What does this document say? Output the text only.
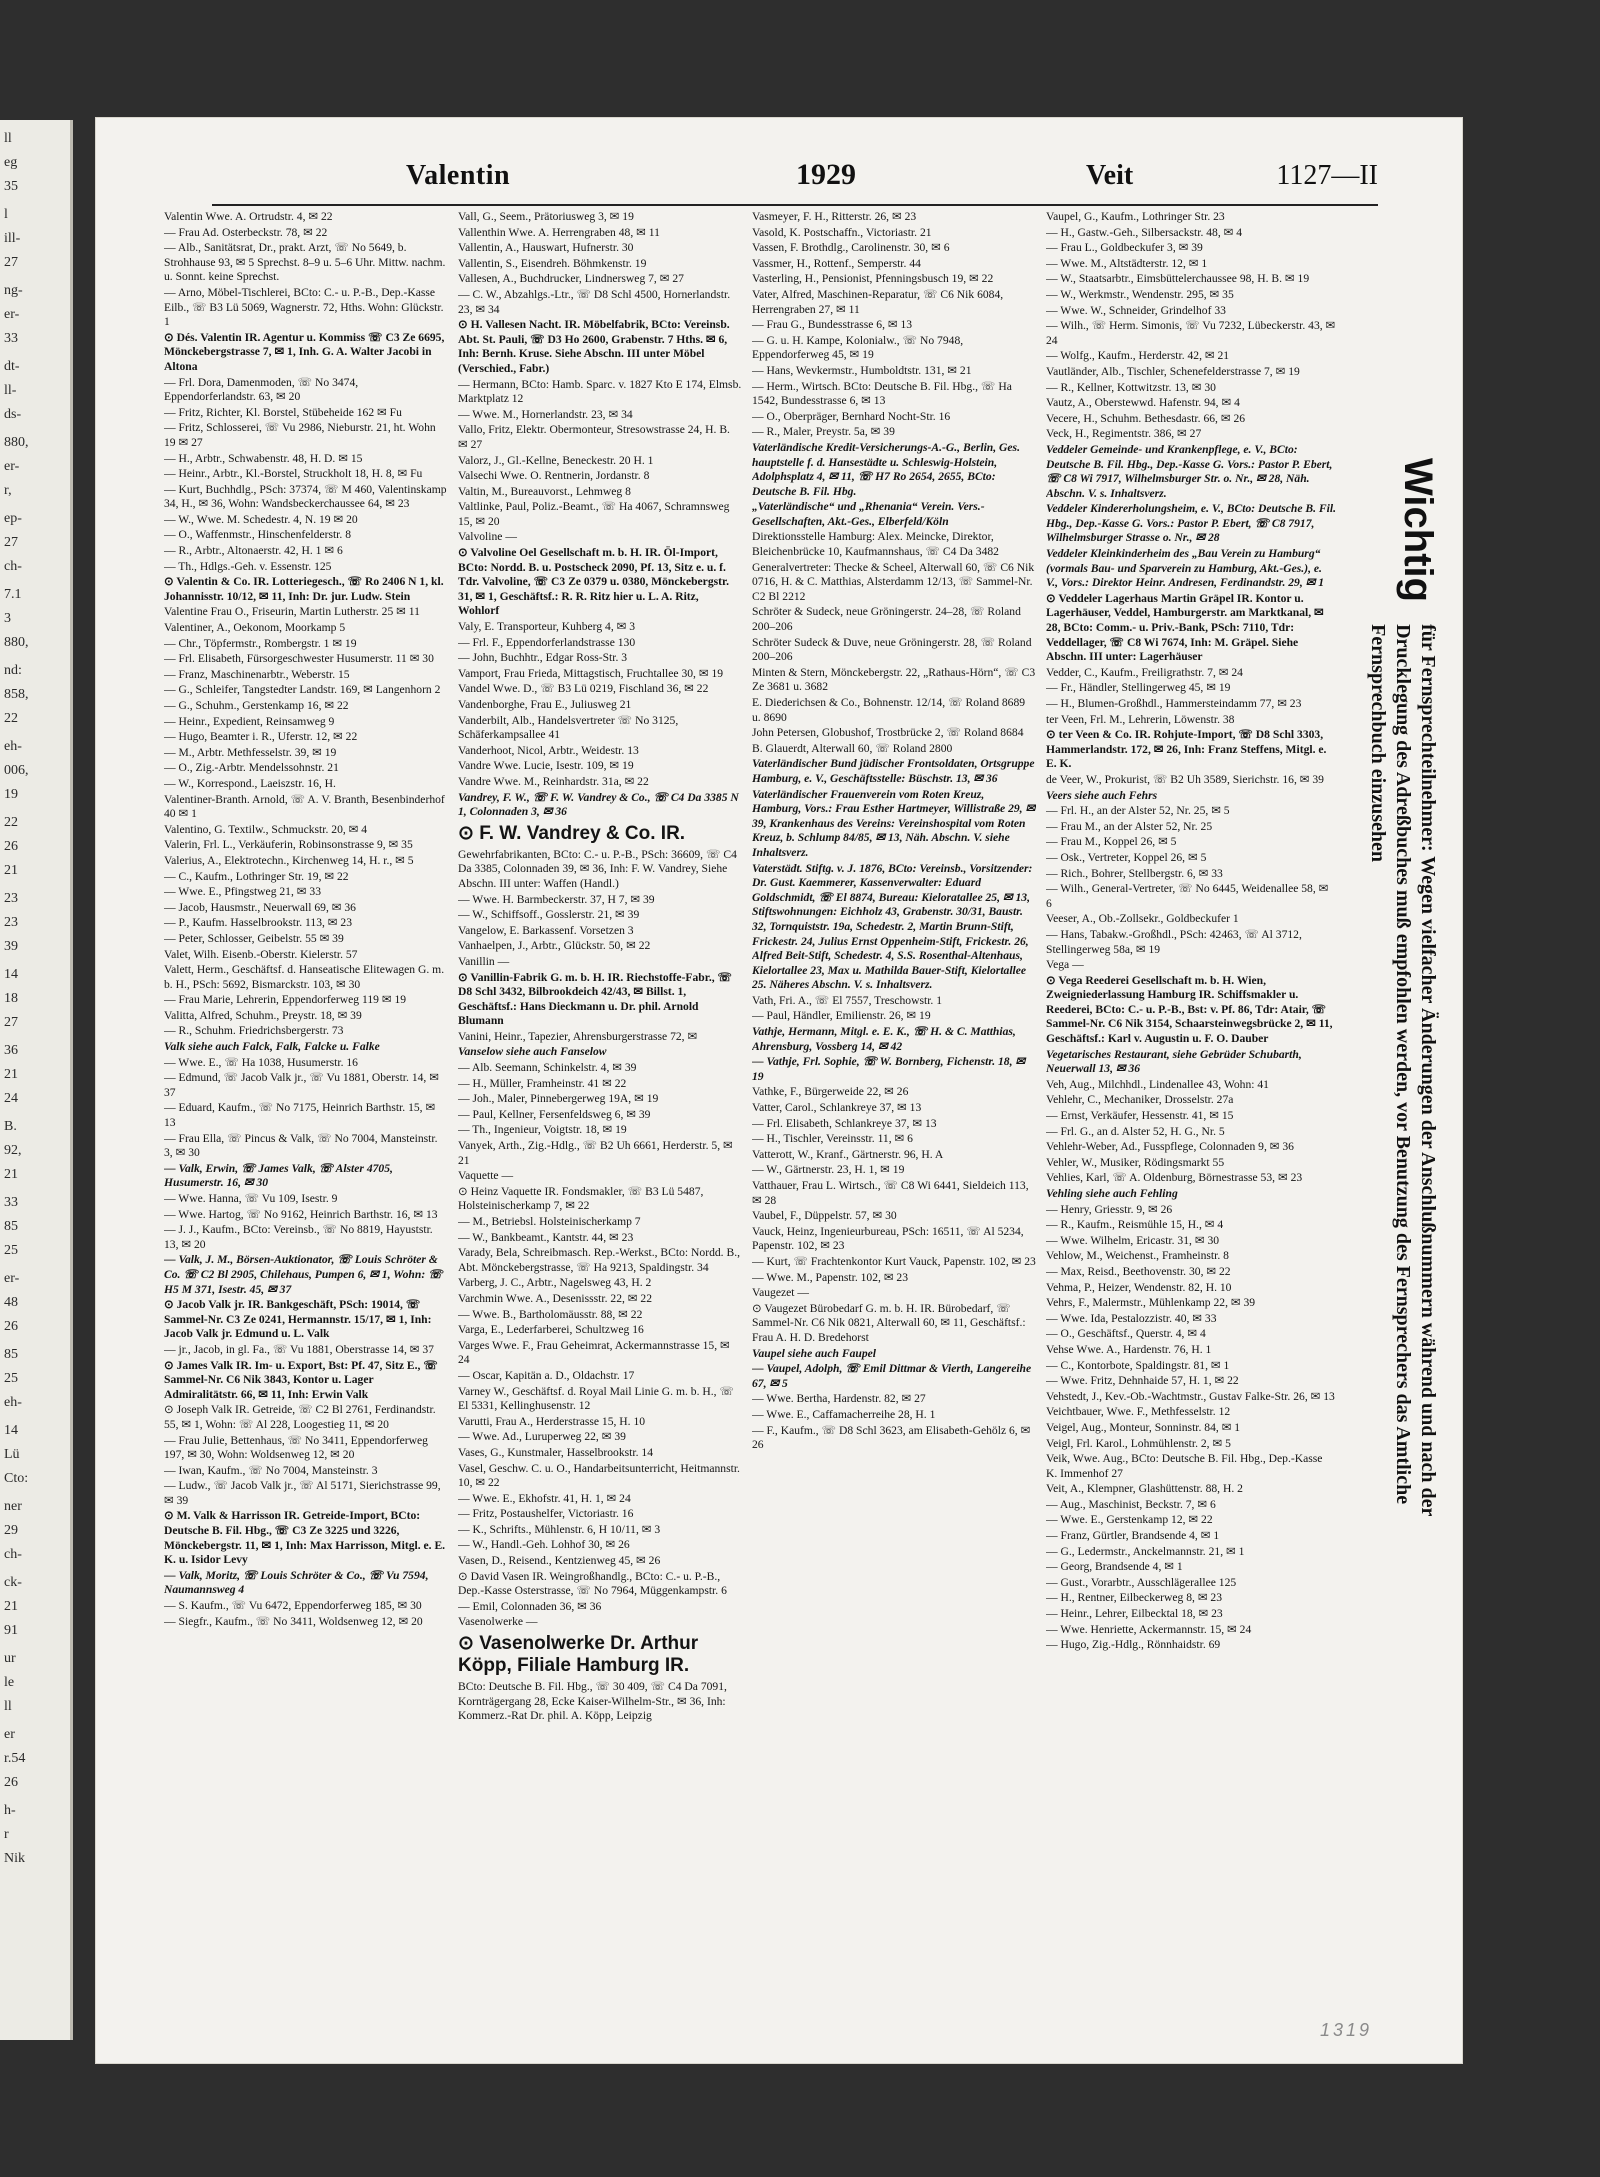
ll
eg
35
l
ill-
27
ng-
er-
33
dt-
ll-
ds-
880,
er-
r,
ep-
27
ch-
7.1
3
880,
nd:
858,
22
eh-
006,
19
22
26
21
23
23
39
14
18
27
36
21
24
B.
92,
21
33
85
25
er-
48
26
85
25
eh-
14
Lü
Cto:
ner
29
ch-
ck-
21
91
ur
le
ll
er
r.54
26
h-
r
Nik
Valentin	1929	Veit	1127—II
Valentin Wwe. A. Ortrudstr. 4, ✉ 22
— Frau Ad. Osterbeckstr. 78, ✉ 22
— Alb., Sanitätsrat, Dr., prakt. Arzt, ☏ No 5649, b. Strohhause 93, ✉ 5 Sprechst. 8–9 u. 5–6 Uhr. Mittw. nachm. u. Sonnt. keine Sprechst.
— Arno, Möbel-Tischlerei, BCto: C.- u. P.-B., Dep.-Kasse Eilb., ☏ B3 Lü 5069, Wagnerstr. 72, Hths. Wohn: Glückstr. 1
⊙ Dés. Valentin IR. Agentur u. Kommiss ☏ C3 Ze 6695, Mönckebergstrasse 7, ✉ 1, Inh. G. A. Walter Jacobi in Altona
— Frl. Dora, Damenmoden, ☏ No 3474, Eppendorferlandstr. 63, ✉ 20
— Fritz, Richter, Kl. Borstel, Stübeheide 162 ✉ Fu
— Fritz, Schlosserei, ☏ Vu 2986, Nieburstr. 21, ht. Wohn 19 ✉ 27
— H., Arbtr., Schwabenstr. 48, H. D. ✉ 15
— Heinr., Arbtr., Kl.-Borstel, Struckholt 18, H. 8, ✉ Fu
— Kurt, Buchhdlg., PSch: 37374, ☏ M 460, Valentinskamp 34, H., ✉ 36, Wohn: Wandsbeckerchaussee 64, ✉ 23
— W., Wwe. M. Schedestr. 4, N. 19 ✉ 20
— O., Waffenmstr., Hinschenfelderstr. 8
— R., Arbtr., Altonaerstr. 42, H. 1 ✉ 6
— Th., Hdlgs.-Geh. v. Essenstr. 125
⊙ Valentin & Co. IR. Lotteriegesch., ☏ Ro 2406 N 1, kl. Johannisstr. 10/12, ✉ 11, Inh: Dr. jur. Ludw. Stein
Valentine Frau O., Friseurin, Martin Lutherstr. 25 ✉ 11
Valentiner, A., Oekonom, Moorkamp 5
— Chr., Töpfermstr., Rombergstr. 1 ✉ 19
— Frl. Elisabeth, Fürsorgeschwester Husumerstr. 11 ✉ 30
— Franz, Maschinenarbtr., Weberstr. 15
— G., Schleifer, Tangstedter Landstr. 169, ✉ Langenhorn 2
— G., Schuhm., Gerstenkamp 16, ✉ 22
— Heinr., Expedient, Reinsamweg 9
— Hugo, Beamter i. R., Uferstr. 12, ✉ 22
— M., Arbtr. Methfesselstr. 39, ✉ 19
— O., Zig.-Arbtr. Mendelssohnstr. 21
— W., Korrespond., Laeiszstr. 16, H.
Valentiner-Branth. Arnold, ☏ A. V. Branth, Besenbinderhof 40 ✉ 1
Valentino, G. Textilw., Schmuckstr. 20, ✉ 4
Valerin, Frl. L., Verkäuferin, Robinsonstrasse 9, ✉ 35
Valerius, A., Elektrotechn., Kirchenweg 14, H. r., ✉ 5
— C., Kaufm., Lothringer Str. 19, ✉ 22
— Wwe. E., Pfingstweg 21, ✉ 33
— Jacob, Hausmstr., Neuerwall 69, ✉ 36
— P., Kaufm. Hasselbrookstr. 113, ✉ 23
— Peter, Schlosser, Geibelstr. 55 ✉ 39
Valet, Wilh. Eisenb.-Oberstr. Kielerstr. 57
Valett, Herm., Geschäftsf. d. Hanseatische Elitewagen G. m. b. H., PSch: 5692, Bismarckstr. 103, ✉ 30
— Frau Marie, Lehrerin, Eppendorferweg 119 ✉ 19
Valitta, Alfred, Schuhm., Preystr. 18, ✉ 39
— R., Schuhm. Friedrichsbergerstr. 73
Valk siehe auch Falck, Falk, Falcke u. Falke
— Wwe. E., ☏ Ha 1038, Husumerstr. 16
— Edmund, ☏ Jacob Valk jr., ☏ Vu 1881, Oberstr. 14, ✉ 37
— Eduard, Kaufm., ☏ No 7175, Heinrich Barthstr. 15, ✉ 13
— Frau Ella, ☏ Pincus & Valk, ☏ No 7004, Mansteinstr. 3, ✉ 30
— Valk, Erwin, ☏ James Valk, ☏ Alster 4705, Husumerstr. 16, ✉ 30
— Wwe. Hanna, ☏ Vu 109, Isestr. 9
— Wwe. Hartog, ☏ No 9162, Heinrich Barthstr. 16, ✉ 13
— J. J., Kaufm., BCto: Vereinsb., ☏ No 8819, Hayuststr. 13, ✉ 20
— Valk, J. M., Börsen-Auktionator, ☏ Louis Schröter & Co. ☏ C2 Bl 2905, Chilehaus, Pumpen 6, ✉ 1, Wohn: ☏ H5 M 371, Isestr. 45, ✉ 37
⊙ Jacob Valk jr. IR. Bankgeschäft, PSch: 19014, ☏ Sammel-Nr. C3 Ze 0241, Hermannstr. 15/17, ✉ 1, Inh: Jacob Valk jr. Edmund u. L. Valk
— jr., Jacob, in gl. Fa., ☏ Vu 1881, Oberstrasse 14, ✉ 37
⊙ James Valk IR. Im- u. Export, Bst: Pf. 47, Sitz E., ☏ Sammel-Nr. C6 Nik 3843, Kontor u. Lager Admiralitätstr. 66, ✉ 11, Inh: Erwin Valk
⊙ Joseph Valk IR. Getreide, ☏ C2 Bl 2761, Ferdinandstr. 55, ✉ 1, Wohn: ☏ Al 228, Loogestieg 11, ✉ 20
— Frau Julie, Bettenhaus, ☏ No 3411, Eppendorferweg 197, ✉ 30, Wohn: Woldsenweg 12, ✉ 20
— Iwan, Kaufm., ☏ No 7004, Mansteinstr. 3
— Ludw., ☏ Jacob Valk jr., ☏ Al 5171, Sierichstrasse 99, ✉ 39
⊙ M. Valk & Harrisson IR. Getreide-Import, BCto: Deutsche B. Fil. Hbg., ☏ C3 Ze 3225 und 3226, Mönckebergstr. 11, ✉ 1, Inh: Max Harrisson, Mitgl. e. E. K. u. Isidor Levy
— Valk, Moritz, ☏ Louis Schröter & Co., ☏ Vu 7594, Naumannsweg 4
— S. Kaufm., ☏ Vu 6472, Eppendorferweg 185, ✉ 30
— Siegfr., Kaufm., ☏ No 3411, Woldsenweg 12, ✉ 20
Vall, G., Seem., Prätoriusweg 3, ✉ 19
Vallenthin Wwe. A. Herrengraben 48, ✉ 11
Vallentin, A., Hauswart, Hufnerstr. 30
Vallentin, S., Eisendreh. Böhmkenstr. 19
Vallesen, A., Buchdrucker, Lindnersweg 7, ✉ 27
— C. W., Abzahlgs.-Ltr., ☏ D8 Schl 4500, Hornerlandstr. 23, ✉ 34
⊙ H. Vallesen Nacht. IR. Möbelfabrik, BCto: Vereinsb. Abt. St. Pauli, ☏ D3 Ho 2600, Grabenstr. 7 Hths. ✉ 6, Inh: Bernh. Kruse. Siehe Abschn. III unter Möbel (Verschied., Fabr.)
— Hermann, BCto: Hamb. Sparc. v. 1827 Kto E 174, Elmsb. Marktplatz 12
— Wwe. M., Hornerlandstr. 23, ✉ 34
Vallo, Fritz, Elektr. Obermonteur, Stresowstrasse 24, H. B. ✉ 27
Valorz, J., Gl.-Kellne, Beneckestr. 20 H. 1
Valsechi Wwe. O. Rentnerin, Jordanstr. 8
Valtin, M., Bureauvorst., Lehmweg 8
Valtlinke, Paul, Poliz.-Beamt., ☏ Ha 4067, Schramnsweg 15, ✉ 20
Valvoline —
⊙ Valvoline Oel Gesellschaft m. b. H. IR. Öl-Import, BCto: Nordd. B. u. Postscheck 2090, Pf. 13, Sitz e. u. f. Tdr. Valvoline, ☏ C3 Ze 0379 u. 0380, Mönckebergstr. 31, ✉ 1, Geschäftsf.: R. R. Ritz hier u. L. A. Ritz, Wohlorf
Valy, E. Transporteur, Kuhberg 4, ✉ 3
— Frl. F., Eppendorferlandstrasse 130
— John, Buchhtr., Edgar Ross-Str. 3
Vamport, Frau Frieda, Mittagstisch, Fruchtallee 30, ✉ 19
Vandel Wwe. D., ☏ B3 Lü 0219, Fischland 36, ✉ 22
Vandenborghe, Frau E., Juliusweg 21
Vanderbilt, Alb., Handelsvertreter ☏ No 3125, Schäferkampsallee 41
Vanderhoot, Nicol, Arbtr., Weidestr. 13
Vandre Wwe. Lucie, Isestr. 109, ✉ 19
Vandre Wwe. M., Reinhardstr. 31a, ✉ 22
Vandrey, F. W., ☏ F. W. Vandrey & Co., ☏ C4 Da 3385 N 1, Colonnaden 3, ✉ 36
⊙ F. W. Vandrey & Co. IR.
Gewehrfabrikanten, BCto: C.- u. P.-B., PSch: 36609, ☏ C4 Da 3385, Colonnaden 39, ✉ 36, Inh: F. W. Vandrey, Siehe Abschn. III unter: Waffen (Handl.)
— Wwe. H. Barmbeckerstr. 37, H 7, ✉ 39
— W., Schiffsoff., Gosslerstr. 21, ✉ 39
Vangelow, E. Barkassenf. Vorsetzen 3
Vanhaelpen, J., Arbtr., Glückstr. 50, ✉ 22
Vanillin —
⊙ Vanillin-Fabrik G. m. b. H. IR. Riechstoffe-Fabr., ☏ D8 Schl 3432, Bilbrookdeich 42/43, ✉ Billst. 1, Geschäftsf.: Hans Dieckmann u. Dr. phil. Arnold Blumann
Vanini, Heinr., Tapezier, Ahrensburgerstrasse 72, ✉
Vanselow siehe auch Fanselow
— Alb. Seemann, Schinkelstr. 4, ✉ 39
— H., Müller, Framheinstr. 41 ✉ 22
— Joh., Maler, Pinnebergerweg 19A, ✉ 19
— Paul, Kellner, Fersenfeldsweg 6, ✉ 39
— Th., Ingenieur, Voigtstr. 18, ✉ 19
Vanyek, Arth., Zig.-Hdlg., ☏ B2 Uh 6661, Herderstr. 5, ✉ 21
Vaquette —
⊙ Heinz Vaquette IR. Fondsmakler, ☏ B3 Lü 5487, Holsteinischerkamp 7, ✉ 22
— M., Betriebsl. Holsteinischerkamp 7
— W., Bankbeamt., Kantstr. 44, ✉ 23
Varady, Bela, Schreibmasch. Rep.-Werkst., BCto: Nordd. B., Abt. Mönckebergstrasse, ☏ Ha 9213, Spaldingstr. 34
Varberg, J. C., Arbtr., Nagelsweg 43, H. 2
Varchmin Wwe. A., Desenissstr. 22, ✉ 22
— Wwe. B., Bartholomäusstr. 88, ✉ 22
Varga, E., Lederfarberei, Schultzweg 16
Varges Wwe. F., Frau Geheimrat, Ackermannstrasse 15, ✉ 24
— Oscar, Kapitän a. D., Oldachstr. 17
Varney W., Geschäftsf. d. Royal Mail Linie G. m. b. H., ☏ El 5331, Kellinghusenstr. 12
Varutti, Frau A., Herderstrasse 15, H. 10
— Wwe. Ad., Luruperweg 22, ✉ 39
Vases, G., Kunstmaler, Hasselbrookstr. 14
Vasel, Geschw. C. u. O., Handarbeitsunterricht, Heitmannstr. 10, ✉ 22
— Wwe. E., Ekhofstr. 41, H. 1, ✉ 24
— Fritz, Postaushelfer, Victoriastr. 16
— K., Schrifts., Mühlenstr. 6, H 10/11, ✉ 3
— W., Handl.-Geh. Lohhof 30, ✉ 26
Vasen, D., Reisend., Kentzienweg 45, ✉ 26
⊙ David Vasen IR. Weingroßhandlg., BCto: C.- u. P.-B., Dep.-Kasse Osterstrasse, ☏ No 7964, Müggenkampstr. 6
— Emil, Colonnaden 36, ✉ 36
Vasenolwerke —
⊙ Vasenolwerke Dr. Arthur Köpp, Filiale Hamburg IR.
BCto: Deutsche B. Fil. Hbg., ☏ 30 409, ☏ C4 Da 7091, Kornträgergang 28, Ecke Kaiser-Wilhelm-Str., ✉ 36, Inh: Kommerz.-Rat Dr. phil. A. Köpp, Leipzig
Vasmeyer, F. H., Ritterstr. 26, ✉ 23
Vasold, K. Postschaffn., Victoriastr. 21
Vassen, F. Brothdlg., Carolinenstr. 30, ✉ 6
Vassmer, H., Rottenf., Semperstr. 44
Vasterling, H., Pensionist, Pfenningsbusch 19, ✉ 22
Vater, Alfred, Maschinen-Reparatur, ☏ C6 Nik 6084, Herrengraben 27, ✉ 11
— Frau G., Bundesstrasse 6, ✉ 13
— G. u. H. Kampe, Kolonialw., ☏ No 7948, Eppendorferweg 45, ✉ 19
— Hans, Wevkermstr., Humboldtstr. 131, ✉ 21
— Herm., Wirtsch. BCto: Deutsche B. Fil. Hbg., ☏ Ha 1542, Bundesstrasse 6, ✉ 13
— O., Oberpräger, Bernhard Nocht-Str. 16
— R., Maler, Preystr. 5a, ✉ 39
Vaterländische Kredit-Versicherungs-A.-G., Berlin, Ges. hauptstelle f. d. Hansestädte u. Schleswig-Holstein, Adolphsplatz 4, ✉ 11, ☏ H7 Ro 2654, 2655, BCto: Deutsche B. Fil. Hbg.
„Vaterländische“ und „Rhenania“ Verein. Vers.-Gesellschaften, Akt.-Ges., Elberfeld/Köln
Direktionsstelle Hamburg: Alex. Meincke, Direktor, Bleichenbrücke 10, Kaufmannshaus, ☏ C4 Da 3482
Generalvertreter: Thecke & Scheel, Alterwall 60, ☏ C6 Nik 0716, H. & C. Matthias, Alsterdamm 12/13, ☏ Sammel-Nr. C2 Bl 2212
Schröter & Sudeck, neue Gröningerstr. 24–28, ☏ Roland 200–206
Schröter Sudeck & Duve, neue Gröningerstr. 28, ☏ Roland 200–206
Minten & Stern, Mönckebergstr. 22, „Rathaus-Hörn“, ☏ C3 Ze 3681 u. 3682
E. Diederichsen & Co., Bohnenstr. 12/14, ☏ Roland 8689 u. 8690
John Petersen, Globushof, Trostbrücke 2, ☏ Roland 8684
B. Glauerdt, Alterwall 60, ☏ Roland 2800
Vaterländischer Bund jüdischer Frontsoldaten, Ortsgruppe Hamburg, e. V., Geschäftsstelle: Büschstr. 13, ✉ 36
Vaterländischer Frauenverein vom Roten Kreuz, Hamburg, Vors.: Frau Esther Hartmeyer, Willistraße 29, ✉ 39, Krankenhaus des Vereins: Vereinshospital vom Roten Kreuz, b. Schlump 84/85, ✉ 13, Näh. Abschn. V. siehe Inhaltsverz.
Vaterstädt. Stiftg. v. J. 1876, BCto: Vereinsb., Vorsitzender: Dr. Gust. Kaemmerer, Kassenverwalter: Eduard Goldschmidt, ☏ El 8874, Bureau: Kieloratallee 25, ✉ 13, Stiftswohnungen: Eichholz 43, Grabenstr. 30/31, Baustr. 32, Tornquiststr. 19a, Schedestr. 2, Martin Brunn-Stift, Frickestr. 24, Julius Ernst Oppenheim-Stift, Frickestr. 26, Alfred Beit-Stift, Schedestr. 4, S.S. Rosenthal-Altenhaus, Kielortallee 23, Max u. Mathilda Bauer-Stift, Kielortallee 25. Näheres Abschn. V. s. Inhaltsverz.
Vath, Fri. A., ☏ El 7557, Treschowstr. 1
— Paul, Händler, Emilienstr. 26, ✉ 19
Vathje, Hermann, Mitgl. e. E. K., ☏ H. & C. Matthias, Ahrensburg, Vossberg 14, ✉ 42
— Vathje, Frl. Sophie, ☏ W. Bornberg, Fichenstr. 18, ✉ 19
Vathke, F., Bürgerweide 22, ✉ 26
Vatter, Carol., Schlankreye 37, ✉ 13
— Frl. Elisabeth, Schlankreye 37, ✉ 13
— H., Tischler, Vereinsstr. 11, ✉ 6
Vatterott, W., Kranf., Gärtnerstr. 96, H. A
— W., Gärtnerstr. 23, H. 1, ✉ 19
Vatthauer, Frau L. Wirtsch., ☏ C8 Wi 6441, Sieldeich 113, ✉ 28
Vaubel, F., Düppelstr. 57, ✉ 30
Vauck, Heinz, Ingenieurbureau, PSch: 16511, ☏ Al 5234, Papenstr. 102, ✉ 23
— Kurt, ☏ Frachtenkontor Kurt Vauck, Papenstr. 102, ✉ 23
— Wwe. M., Papenstr. 102, ✉ 23
Vaugezet —
⊙ Vaugezet Bürobedarf G. m. b. H. IR. Bürobedarf, ☏ Sammel-Nr. C6 Nik 0821, Alterwall 60, ✉ 11, Geschäftsf.: Frau A. H. D. Bredehorst
Vaupel siehe auch Faupel
— Vaupel, Adolph, ☏ Emil Dittmar & Vierth, Langereihe 67, ✉ 5
— Wwe. Bertha, Hardenstr. 82, ✉ 27
— Wwe. E., Caffamacherreihe 28, H. 1
— F., Kaufm., ☏ D8 Schl 3623, am Elisabeth-Gehölz 6, ✉ 26
Vaupel, G., Kaufm., Lothringer Str. 23
— H., Gastw.-Geh., Silbersackstr. 48, ✉ 4
— Frau L., Goldbeckufer 3, ✉ 39
— Wwe. M., Altstädterstr. 12, ✉ 1
— W., Staatsarbtr., Eimsbüttelerchaussee 98, H. B. ✉ 19
— W., Werkmstr., Wendenstr. 295, ✉ 35
— Wwe. W., Schneider, Grindelhof 33
— Wilh., ☏ Herm. Simonis, ☏ Vu 7232, Lübeckerstr. 43, ✉ 24
— Wolfg., Kaufm., Herderstr. 42, ✉ 21
Vautländer, Alb., Tischler, Schenefelderstrasse 7, ✉ 19
— R., Kellner, Kottwitzstr. 13, ✉ 30
Vautz, A., Oberstewwd. Hafenstr. 94, ✉ 4
Vecere, H., Schuhm. Bethesdastr. 66, ✉ 26
Veck, H., Regimentstr. 386, ✉ 27
Veddeler Gemeinde- und Krankenpflege, e. V., BCto: Deutsche B. Fil. Hbg., Dep.-Kasse G. Vors.: Pastor P. Ebert, ☏ C8 Wi 7917, Wilhelmsburger Str. o. Nr., ✉ 28, Näh. Abschn. V. s. Inhaltsverz.
Veddeler Kindererholungsheim, e. V., BCto: Deutsche B. Fil. Hbg., Dep.-Kasse G. Vors.: Pastor P. Ebert, ☏ C8 7917, Wilhelmsburger Strasse o. Nr., ✉ 28
Veddeler Kleinkinderheim des „Bau Verein zu Hamburg“ (vormals Bau- und Sparverein zu Hamburg, Akt.-Ges.), e. V., Vors.: Direktor Heinr. Andresen, Ferdinandstr. 29, ✉ 1
⊙ Veddeler Lagerhaus Martin Gräpel IR. Kontor u. Lagerhäuser, Veddel, Hamburgerstr. am Marktkanal, ✉ 28, BCto: Comm.- u. Priv.-Bank, PSch: 7110, Tdr: Veddellager, ☏ C8 Wi 7674, Inh: M. Gräpel. Siehe Abschn. III unter: Lagerhäuser
Vedder, C., Kaufm., Freiligrathstr. 7, ✉ 24
— Fr., Händler, Stellingerweg 45, ✉ 19
— H., Blumen-Großhdl., Hammersteindamm 77, ✉ 23
ter Veen, Frl. M., Lehrerin, Löwenstr. 38
⊙ ter Veen & Co. IR. Rohjute-Import, ☏ D8 Schl 3303, Hammerlandstr. 172, ✉ 26, Inh: Franz Steffens, Mitgl. e. E. K.
de Veer, W., Prokurist, ☏ B2 Uh 3589, Sierichstr. 16, ✉ 39
Veers siehe auch Fehrs
— Frl. H., an der Alster 52, Nr. 25, ✉ 5
— Frau M., an der Alster 52, Nr. 25
— Frau M., Koppel 26, ✉ 5
— Osk., Vertreter, Koppel 26, ✉ 5
— Rich., Bohrer, Stellbergstr. 6, ✉ 33
— Wilh., General-Vertreter, ☏ No 6445, Weidenallee 58, ✉ 6
Veeser, A., Ob.-Zollsekr., Goldbeckufer 1
— Hans, Tabakw.-Großhdl., PSch: 42463, ☏ Al 3712, Stellingerweg 58a, ✉ 19
Vega —
⊙ Vega Reederei Gesellschaft m. b. H. Wien, Zweigniederlassung Hamburg IR. Schiffsmakler u. Reederei, BCto: C.- u. P.-B., Bst: v. Pf. 86, Tdr: Atair, ☏ Sammel-Nr. C6 Nik 3154, Schaarsteinwegsbrücke 2, ✉ 11, Geschäftsf.: Karl v. Augustin u. F. O. Dauber
Vegetarisches Restaurant, siehe Gebrüder Schubarth, Neuerwall 13, ✉ 36
Veh, Aug., Milchhdl., Lindenallee 43, Wohn: 41
Vehlehr, C., Mechaniker, Drosselstr. 27a
— Ernst, Verkäufer, Hessenstr. 41, ✉ 15
— Frl. G., an d. Alster 52, H. G., Nr. 5
Vehlehr-Weber, Ad., Fusspflege, Colonnaden 9, ✉ 36
Vehler, W., Musiker, Rödingsmarkt 55
Vehlies, Karl, ☏ A. Oldenburg, Börnestrasse 53, ✉ 23
Vehling siehe auch Fehling
— Henry, Griesstr. 9, ✉ 26
— R., Kaufm., Reismühle 15, H., ✉ 4
— Wwe. Wilhelm, Ericastr. 31, ✉ 30
Vehlow, M., Weichenst., Framheinstr. 8
— Max, Reisd., Beethovenstr. 30, ✉ 22
Vehma, P., Heizer, Wendenstr. 82, H. 10
Vehrs, F., Malermstr., Mühlenkamp 22, ✉ 39
— Wwe. Ida, Pestalozzistr. 40, ✉ 33
— O., Geschäftsf., Querstr. 4, ✉ 4
Vehse Wwe. A., Hardenstr. 76, H. 1
— C., Kontorbote, Spaldingstr. 81, ✉ 1
— Wwe. Fritz, Dehnhaide 57, H. 1, ✉ 22
Vehstedt, J., Kev.-Ob.-Wachtmstr., Gustav Falke-Str. 26, ✉ 13
Veichtbauer, Wwe. F., Methfesselstr. 12
Veigel, Aug., Monteur, Sonninstr. 84, ✉ 1
Veigl, Frl. Karol., Lohmühlenstr. 2, ✉ 5
Veik, Wwe. Aug., BCto: Deutsche B. Fil. Hbg., Dep.-Kasse K. Immenhof 27
Veit, A., Klempner, Glashüttenstr. 88, H. 2
— Aug., Maschinist, Beckstr. 7, ✉ 6
— Wwe. E., Gerstenkamp 12, ✉ 22
— Franz, Gürtler, Brandsende 4, ✉ 1
— G., Ledermstr., Anckelmannstr. 21, ✉ 1
— Georg, Brandsende 4, ✉ 1
— Gust., Vorarbtr., Ausschlägerallee 125
— H., Rentner, Eilbeckerweg 8, ✉ 23
— Heinr., Lehrer, Eilbecktal 18, ✉ 23
— Wwe. Henriette, Ackermannstr. 15, ✉ 24
— Hugo, Zig.-Hdlg., Rönnhaidstr. 69
Wichtig für Fernsprechteilnehmer: Wegen vielfacher Änderungen der Anschlußnummern während und nach der Drucklegung des Adreßbuches muß empfohlen werden, vor Benutzung des Fernsprechers das Amtliche Fernsprechbuch einzusehen
1319
